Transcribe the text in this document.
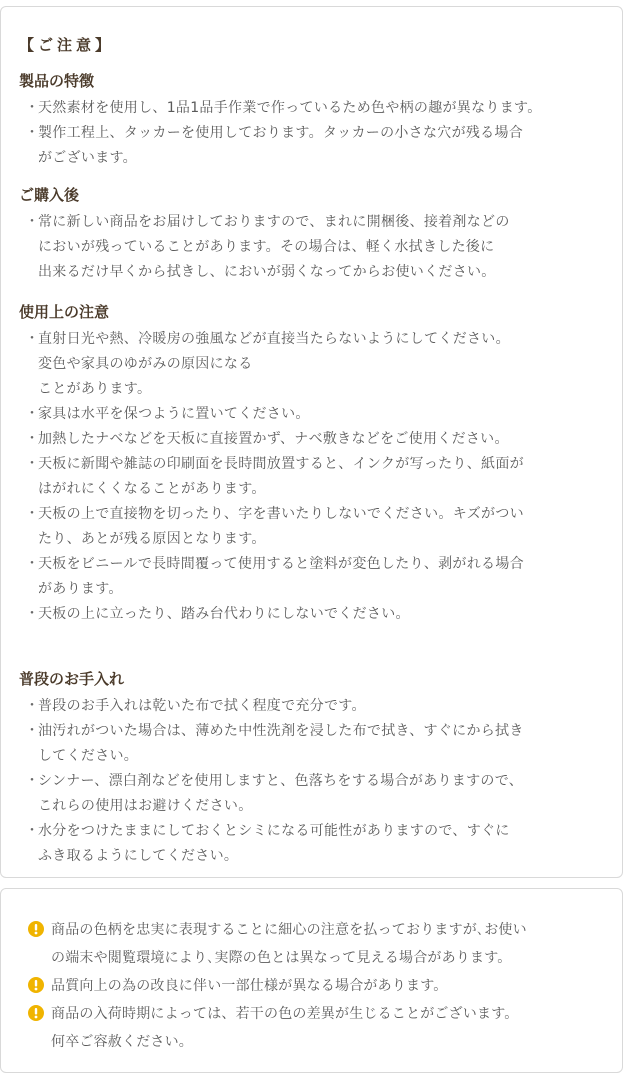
【ご注意】
製品の特徴
・
天然素材を使用し、1品1品手作業で作っているため色や柄の趣が異なります。
・
製作工程上、タッカーを使用しております。タッカーの小さな穴が残る場合
がございます。
ご購入後
・
常に新しい商品をお届けしておりますので、まれに開梱後、接着剤などの
においが残っていることがあります。その場合は、軽く水拭きした後に
出来るだけ早くから拭きし、においが弱くなってからお使いください。
使用上の注意
・
直射日光や熱、冷暖房の強風などが直接当たらないようにしてください。
変色や家具のゆがみの原因になる
ことがあります。
・
家具は水平を保つように置いてください。
・
加熱したナベなどを天板に直接置かず、ナベ敷きなどをご使用ください。
・
天板に新聞や雑誌の印刷面を長時間放置すると、インクが写ったり、紙面が
はがれにくくなることがあります。
・
天板の上で直接物を切ったり、字を書いたりしないでください。キズがつい
たり、あとが残る原因となります。
・
天板をビニールで長時間覆って使用すると塗料が変色したり、剥がれる場合
があります。
・
天板の上に立ったり、踏み台代わりにしないでください。
普段のお手入れ
・
普段のお手入れは乾いた布で拭く程度で充分です。
・
油汚れがついた場合は、薄めた中性洗剤を浸した布で拭き、すぐにから拭き
してください。
・
シンナー、漂白剤などを使用しますと、色落ちをする場合がありますので、
これらの使用はお避けください。
・
水分をつけたままにしておくとシミになる可能性がありますので、すぐに
ふき取るようにしてください。
商品の色柄を忠実に表現することに細心の注意を払っておりますが､お使い
の端末や閲覧環境により､実際の色とは異なって見える場合があります。
品質向上の為の改良に伴い一部仕様が異なる場合があります。
商品の入荷時期によっては、若干の色の差異が生じることがございます。
何卒ご容赦ください。
